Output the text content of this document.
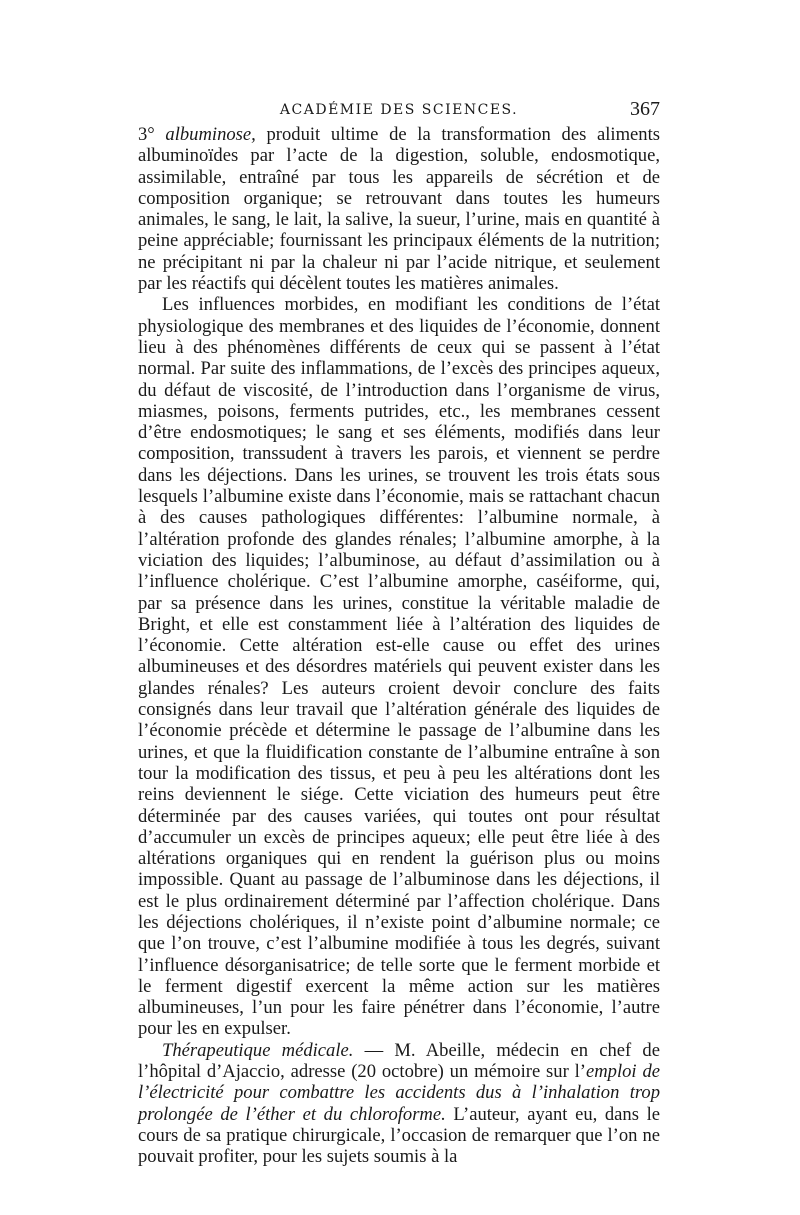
ACADÉMIE DES SCIENCES.	367

3° albuminose, produit ultime de la transformation des aliments albuminoïdes par l’acte de la digestion, soluble, endosmotique, assimilable, entraîné par tous les appareils de sécrétion et de composition organique; se retrouvant dans toutes les humeurs animales, le sang, le lait, la salive, la sueur, l’urine, mais en quantité à peine appréciable; fournissant les principaux éléments de la nutrition; ne précipitant ni par la chaleur ni par l’acide nitrique, et seulement par les réactifs qui décèlent toutes les matières animales.

Les influences morbides, en modifiant les conditions de l’état physiologique des membranes et des liquides de l’économie, donnent lieu à des phénomènes différents de ceux qui se passent à l’état normal. Par suite des inflammations, de l’excès des principes aqueux, du défaut de viscosité, de l’introduction dans l’organisme de virus, miasmes, poisons, ferments putrides, etc., les membranes cessent d’être endosmotiques; le sang et ses éléments, modifiés dans leur composition, transsudent à travers les parois, et viennent se perdre dans les déjections. Dans les urines, se trouvent les trois états sous lesquels l’albumine existe dans l’économie, mais se rattachant chacun à des causes pathologiques différentes: l’albumine normale, à l’altération profonde des glandes rénales; l’albumine amorphe, à la viciation des liquides; l’albuminose, au défaut d’assimilation ou à l’influence cholérique. C’est l’albumine amorphe, caséiforme, qui, par sa présence dans les urines, constitue la véritable maladie de Bright, et elle est constamment liée à l’altération des liquides de l’économie. Cette altération est-elle cause ou effet des urines albumineuses et des désordres matériels qui peuvent exister dans les glandes rénales? Les auteurs croient devoir conclure des faits consignés dans leur travail que l’altération générale des liquides de l’économie précède et détermine le passage de l’albumine dans les urines, et que la fluidification constante de l’albumine entraîne à son tour la modification des tissus, et peu à peu les altérations dont les reins deviennent le siége. Cette viciation des humeurs peut être déterminée par des causes variées, qui toutes ont pour résultat d’accumuler un excès de principes aqueux; elle peut être liée à des altérations organiques qui en rendent la guérison plus ou moins impossible. Quant au passage de l’albuminose dans les déjections, il est le plus ordinairement déterminé par l’affection cholérique. Dans les déjections cholériques, il n’existe point d’albumine normale; ce que l’on trouve, c’est l’albumine modifiée à tous les degrés, suivant l’influence désorganisatrice; de telle sorte que le ferment morbide et le ferment digestif exercent la même action sur les matières albumineuses, l’un pour les faire pénétrer dans l’économie, l’autre pour les en expulser.

Thérapeutique médicale. — M. Abeille, médecin en chef de l’hôpital d’Ajaccio, adresse (20 octobre) un mémoire sur l’emploi de l’électricité pour combattre les accidents dus à l’inhalation trop prolongée de l’éther et du chloroforme. L’auteur, ayant eu, dans le cours de sa pratique chirurgicale, l’occasion de remarquer que l’on ne pouvait profiter, pour les sujets soumis à la
